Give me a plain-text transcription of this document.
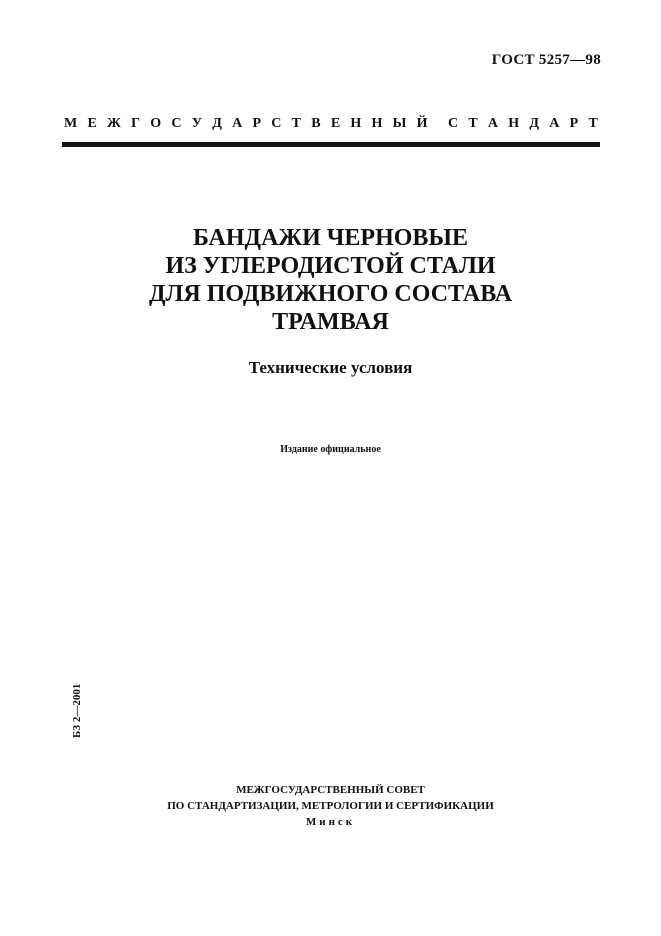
ГОСТ 5257—98
М Е Ж Г О С У Д А Р С Т В Е Н Н Ы Й С Т А Н Д А Р Т
БАНДАЖИ ЧЕРНОВЫЕ
ИЗ УГЛЕРОДИСТОЙ СТАЛИ
ДЛЯ ПОДВИЖНОГО СОСТАВА
ТРАМВАЯ
Технические условия
Издание официальное
БЗ 2—2001
МЕЖГОСУДАРСТВЕННЫЙ СОВЕТ
ПО СТАНДАРТИЗАЦИИ, МЕТРОЛОГИИ И СЕРТИФИКАЦИИ
Минск
